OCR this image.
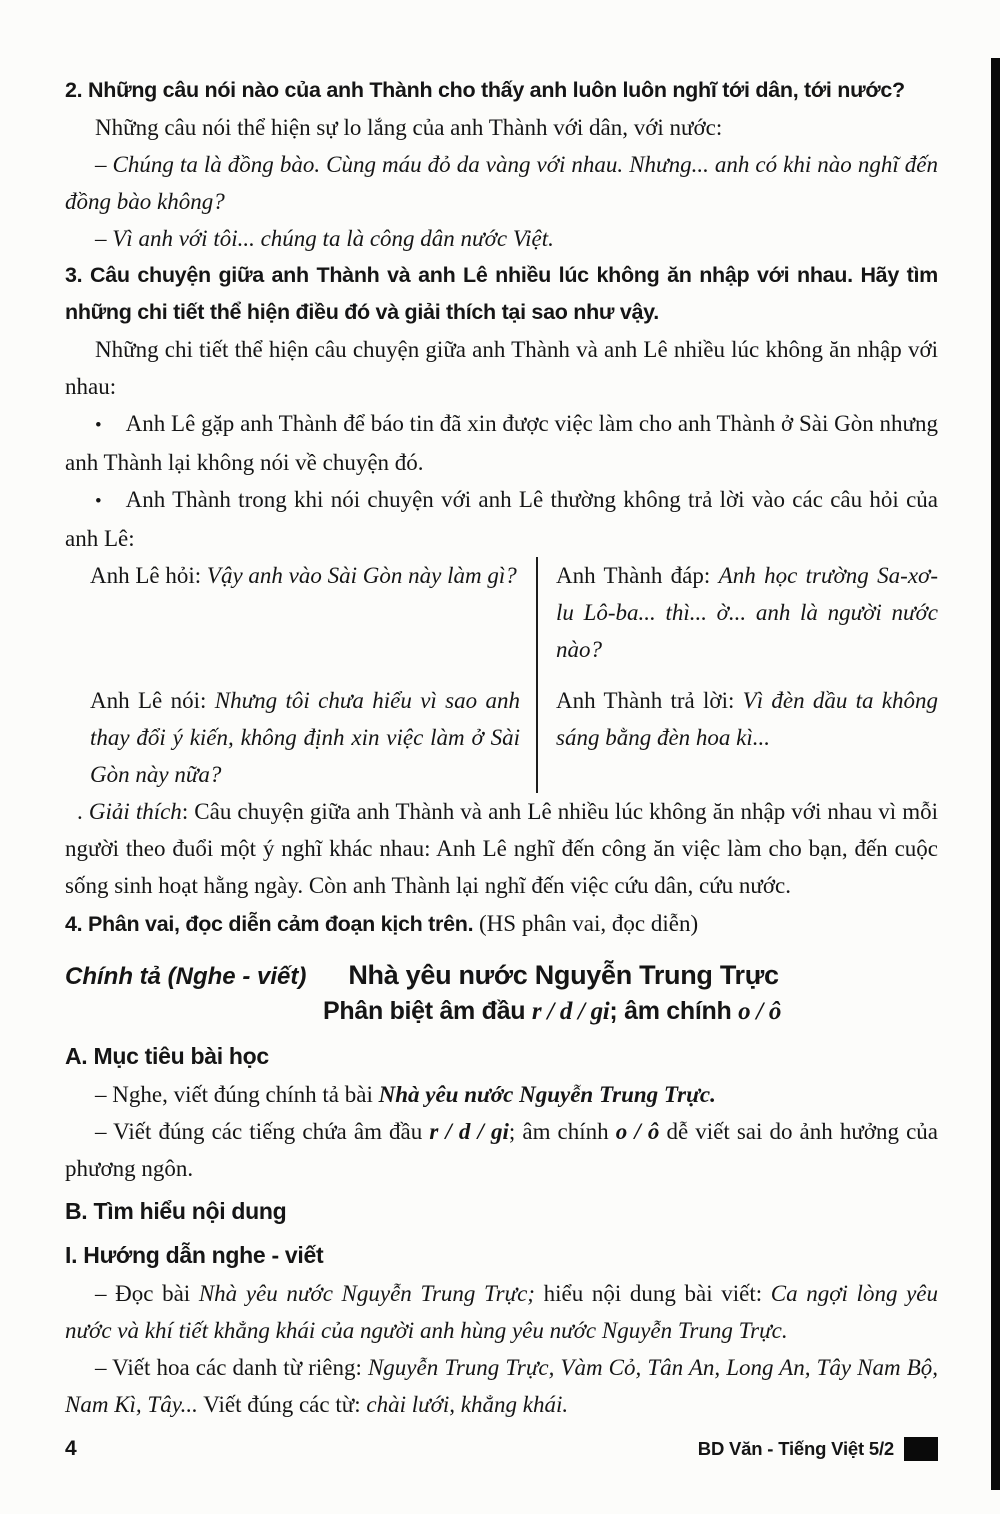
2. Những câu nói nào của anh Thành cho thấy anh luôn luôn nghĩ tới dân, tới nước?

Những câu nói thể hiện sự lo lắng của anh Thành với dân, với nước:

– Chúng ta là đồng bào. Cùng máu đỏ da vàng với nhau. Nhưng... anh có khi nào nghĩ đến đồng bào không?

– Vì anh với tôi... chúng ta là công dân nước Việt.

3. Câu chuyện giữa anh Thành và anh Lê nhiều lúc không ăn nhập với nhau. Hãy tìm những chi tiết thể hiện điều đó và giải thích tại sao như vậy.

Những chi tiết thể hiện câu chuyện giữa anh Thành và anh Lê nhiều lúc không ăn nhập với nhau:

• Anh Lê gặp anh Thành để báo tin đã xin được việc làm cho anh Thành ở Sài Gòn nhưng anh Thành lại không nói về chuyện đó.

• Anh Thành trong khi nói chuyện với anh Lê thường không trả lời vào các câu hỏi của anh Lê:

Anh Lê hỏi: Vậy anh vào Sài Gòn này làm gì? Anh Thành đáp: Anh học trường Sa-xơ-lu Lô-ba... thì... ờ... anh là người nước nào?

Anh Lê nói: Nhưng tôi chưa hiểu vì sao anh thay đổi ý kiến, không định xin việc làm ở Sài Gòn này nữa?

Anh Thành trả lời: Vì đèn dầu ta không sáng bằng đèn hoa kì...

. Giải thích: Câu chuyện giữa anh Thành và anh Lê nhiều lúc không ăn nhập với nhau vì mỗi người theo đuổi một ý nghĩ khác nhau: Anh Lê nghĩ đến công ăn việc làm cho bạn, đến cuộc sống sinh hoạt hằng ngày. Còn anh Thành lại nghĩ đến việc cứu dân, cứu nước.

4. Phân vai, đọc diễn cảm đoạn kịch trên. (HS phân vai, đọc diễn)

Chính tả (Nghe - viết) Nhà yêu nước Nguyễn Trung Trực
Phân biệt âm đầu r / d / gi; âm chính o / ô

A. Mục tiêu bài học

– Nghe, viết đúng chính tả bài Nhà yêu nước Nguyễn Trung Trực.

– Viết đúng các tiếng chứa âm đầu r / d / gi; âm chính o / ô dễ viết sai do ảnh hưởng của phương ngôn.

B. Tìm hiểu nội dung

I. Hướng dẫn nghe - viết

– Đọc bài Nhà yêu nước Nguyễn Trung Trực; hiểu nội dung bài viết: Ca ngợi lòng yêu nước và khí tiết khẳng khái của người anh hùng yêu nước Nguyễn Trung Trực.

– Viết hoa các danh từ riêng: Nguyễn Trung Trực, Vàm Cỏ, Tân An, Long An, Tây Nam Bộ, Nam Kì, Tây... Viết đúng các từ: chài lưới, khẳng khái.

4	BD Văn - Tiếng Việt 5/2
